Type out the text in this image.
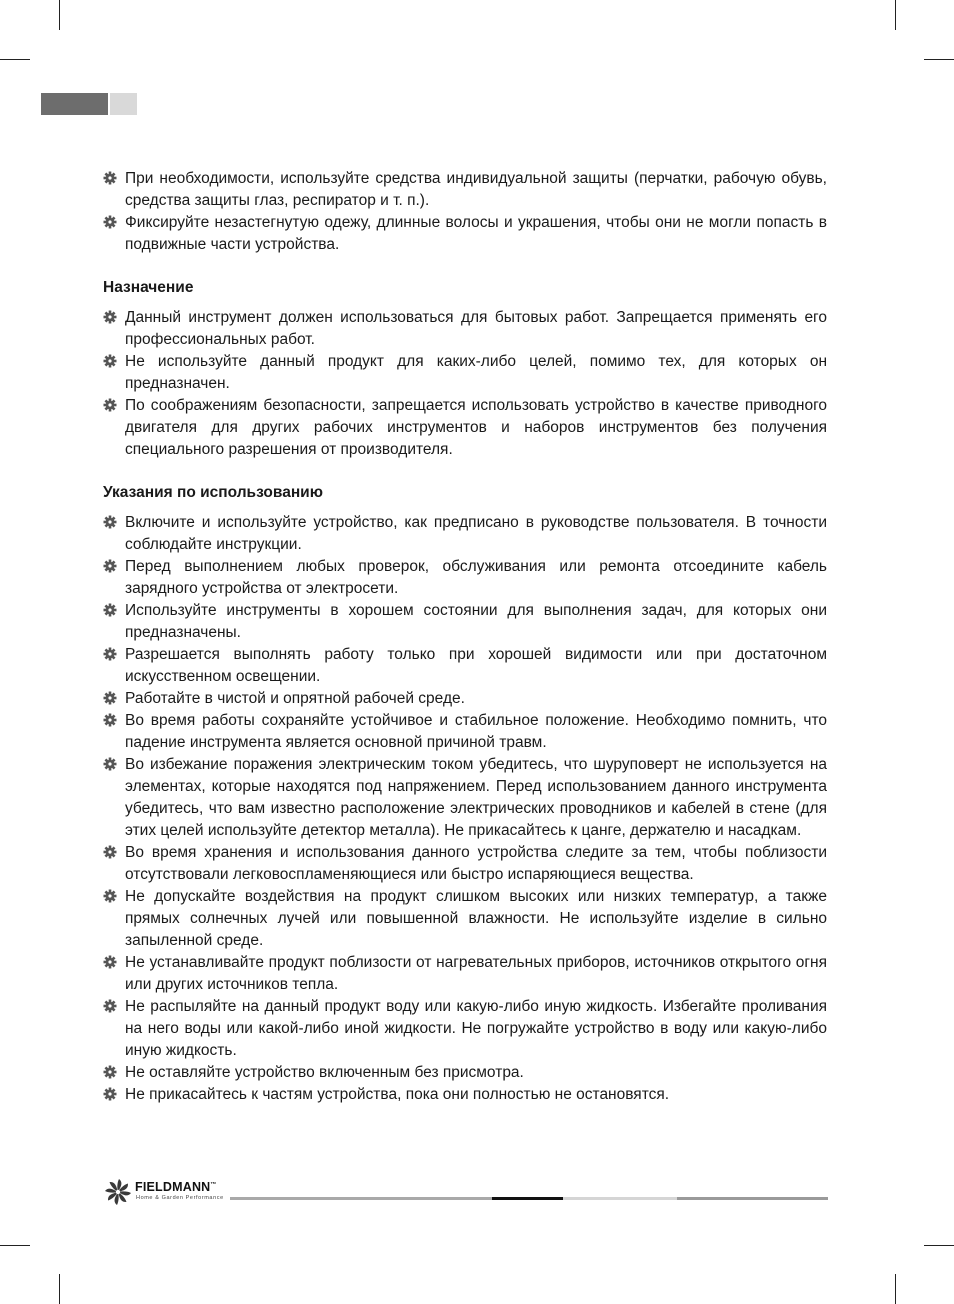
При необходимости, используйте средства индивидуальной защиты (перчатки, рабочую обувь, средства защиты глаз, респиратор и т. п.).
Фиксируйте незастегнутую одежу, длинные волосы и украшения, чтобы они не могли попасть в подвижные части устройства.
Назначение
Данный инструмент должен использоваться для бытовых работ. Запрещается применять его профессиональных работ.
Не используйте данный продукт для каких-либо целей, помимо тех, для которых он предназначен.
По соображениям безопасности, запрещается использовать устройство в качестве приводного двигателя для других рабочих инструментов и наборов инструментов без получения специального разрешения от производителя.
Указания по использованию
Включите и используйте устройство, как предписано в руководстве пользователя. В точности соблюдайте инструкции.
Перед выполнением любых проверок, обслуживания или ремонта отсоедините кабель зарядного устройства от электросети.
Используйте инструменты в хорошем состоянии для выполнения задач, для которых они предназначены.
Разрешается выполнять работу только при хорошей видимости или при достаточном искусственном освещении.
Работайте в чистой и опрятной рабочей среде.
Во время работы сохраняйте устойчивое и стабильное положение. Необходимо помнить, что падение инструмента является основной причиной травм.
Во избежание поражения электрическим током убедитесь, что шуруповерт не используется на элементах, которые находятся под напряжением. Перед использованием данного инструмента убедитесь, что вам известно расположение электрических проводников и кабелей в стене (для этих целей используйте детектор металла). Не прикасайтесь к цанге, держателю и насадкам.
Во время хранения и использования данного устройства следите за тем, чтобы поблизости отсутствовали легковоспламеняющиеся или быстро испаряющиеся вещества.
Не допускайте воздействия на продукт слишком высоких или низких температур, а также прямых солнечных лучей или повышенной влажности. Не используйте изделие в сильно запыленной среде.
Не устанавливайте продукт поблизости от нагревательных приборов, источников открытого огня или других источников тепла.
Не распыляйте на данный продукт воду или какую-либо иную жидкость. Избегайте проливания на него воды или какой-либо иной жидкости. Не погружайте устройство в воду или какую-либо иную жидкость.
Не оставляйте устройство включенным без присмотра.
Не прикасайтесь к частям устройства, пока они полностью не остановятся.
FIELDMANN™
Home & Garden Performance
